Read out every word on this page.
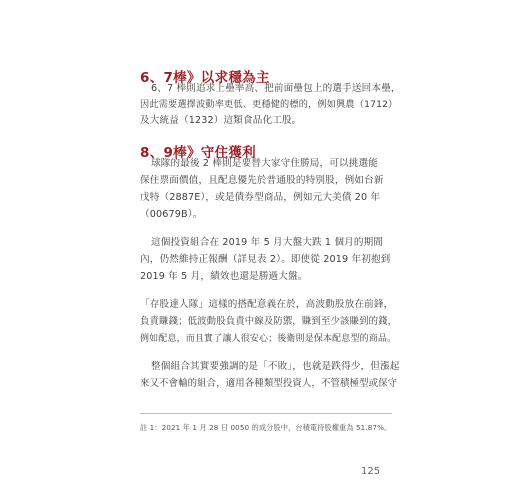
6、7棒》以求穩為主
6、7 棒則追求上壘率高、把前面壘包上的選手送回本壘，
因此需要選擇波動率更低、更穩健的標的，例如興農（1712）
及大統益（1232）這類食品化工股。
8、9棒》守住獲利
球隊的最後 2 棒則是要替大家守住勝局，可以挑選能
保住票面價值，且配息優先於普通股的特別股，例如台新
戊特（2887E），或是債券型商品，例如元大美債 20 年
（00679B）。
這個投資組合在 2019 年 5 月大盤大跌 1 個月的期間
內，仍然維持正報酬（詳見表 2）。即使從 2019 年初抱到
2019 年 5 月，績效也還是勝過大盤。
「存股達人隊」這樣的搭配意義在於，高波動股放在前鋒，
負責賺錢；低波動股負責中線及防禦，賺到至少該賺到的錢，
例如配息，而且實了讓人很安心；後衛則是保本配息型的商品。
整個組合其實要強調的是「不敗」，也就是跌得少，但漲起
來又不會輸的組合，適用各種類型投資人，不管積極型或保守
註 1：2021 年 1 月 28 日 0050 的成分股中，台積電持股權重為 51.87%。
125
